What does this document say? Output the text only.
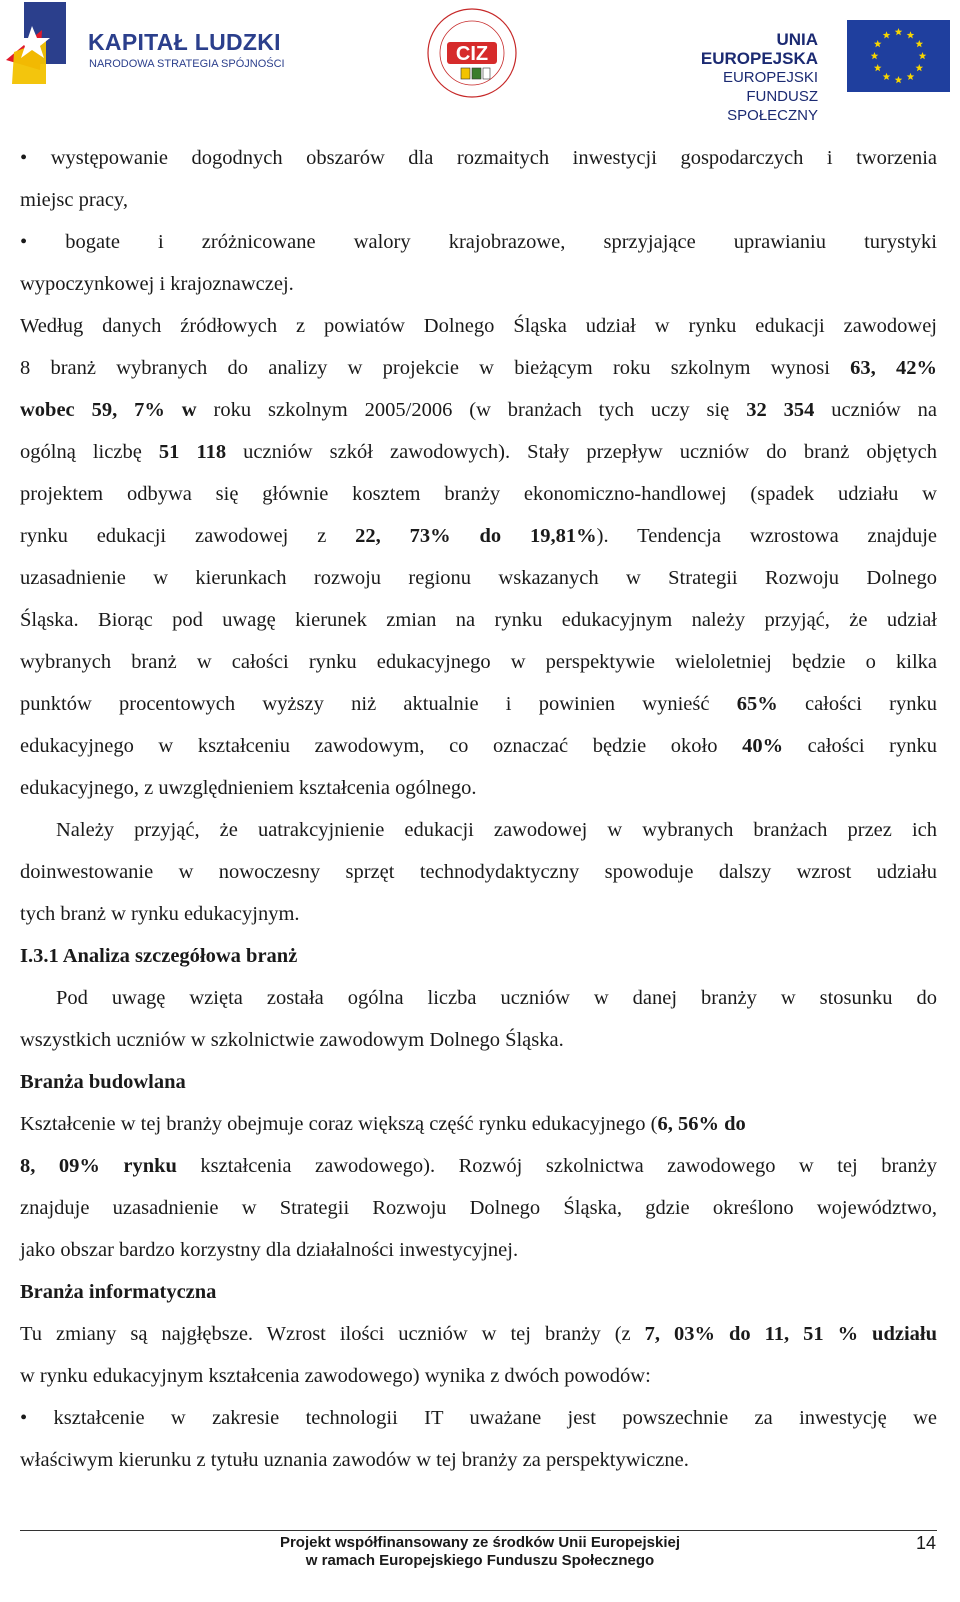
KAPITAŁ LUDZKI
NARODOWA STRATEGIA SPÓJNOŚCI	CIZ
UNIA EUROPEJSKA
EUROPEJSKI
FUNDUSZ SPOŁECZNY
• występowanie dogodnych obszarów dla rozmaitych inwestycji gospodarczych i tworzenia
miejsc pracy,
• bogate i zróżnicowane walory krajobrazowe, sprzyjające uprawianiu turystyki
wypoczynkowej i krajoznawczej.
Według danych źródłowych z powiatów Dolnego Śląska udział w rynku edukacji zawodowej
8 branż wybranych do analizy w projekcie w bieżącym roku szkolnym wynosi 63, 42%
wobec 59, 7% w roku szkolnym 2005/2006 (w branżach tych uczy się 32 354 uczniów na
ogólną liczbę 51 118 uczniów szkół zawodowych). Stały przepływ uczniów do branż objętych
projektem odbywa się głównie kosztem branży ekonomiczno-handlowej (spadek udziału w
rynku edukacji zawodowej z 22, 73% do 19,81%). Tendencja wzrostowa znajduje
uzasadnienie w kierunkach rozwoju regionu wskazanych w Strategii Rozwoju Dolnego
Śląska. Biorąc pod uwagę kierunek zmian na rynku edukacyjnym należy przyjąć, że udział
wybranych branż w całości rynku edukacyjnego w perspektywie wieloletniej będzie o kilka
punktów procentowych wyższy niż aktualnie i powinien wynieść 65% całości rynku
edukacyjnego w kształceniu zawodowym, co oznaczać będzie około 40% całości rynku
edukacyjnego, z uwzględnieniem kształcenia ogólnego.
Należy przyjąć, że uatrakcyjnienie edukacji zawodowej w wybranych branżach przez ich
doinwestowanie w nowoczesny sprzęt technodydaktyczny spowoduje dalszy wzrost udziału
tych branż w rynku edukacyjnym.
I.3.1 Analiza szczegółowa branż
Pod uwagę wzięta została ogólna liczba uczniów w danej branży w stosunku do
wszystkich uczniów w szkolnictwie zawodowym Dolnego Śląska.
Branża budowlana
Kształcenie w tej branży obejmuje coraz większą część rynku edukacyjnego (6, 56% do
8, 09% rynku kształcenia zawodowego). Rozwój szkolnictwa zawodowego w tej branży
znajduje uzasadnienie w Strategii Rozwoju Dolnego Śląska, gdzie określono województwo,
jako obszar bardzo korzystny dla działalności inwestycyjnej.
Branża informatyczna
Tu zmiany są najgłębsze. Wzrost ilości uczniów w tej branży (z 7, 03% do 11, 51 % udziału
w rynku edukacyjnym kształcenia zawodowego) wynika z dwóch powodów:
• kształcenie w zakresie technologii IT uważane jest powszechnie za inwestycję we
właściwym kierunku z tytułu uznania zawodów w tej branży za perspektywiczne.
Projekt współfinansowany ze środków Unii Europejskiej
w ramach Europejskiego Funduszu Społecznego
14
